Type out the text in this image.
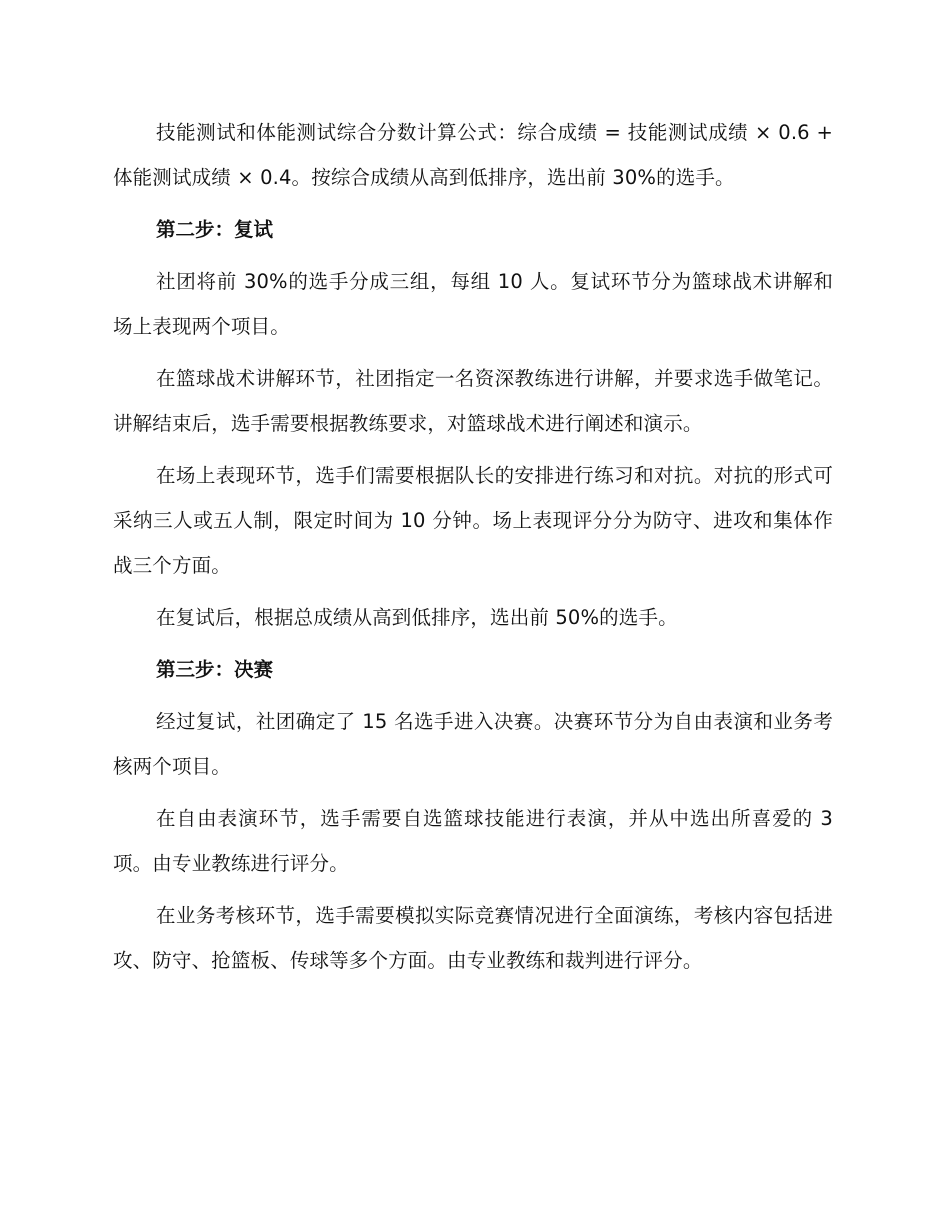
技能测试和体能测试综合分数计算公式：综合成绩 = 技能测试成绩 × 0.6 + 体能测试成绩 × 0.4。按综合成绩从高到低排序，选出前 30%的选手。

第二步：复试

社团将前 30%的选手分成三组，每组 10 人。复试环节分为篮球战术讲解和场上表现两个项目。

在篮球战术讲解环节，社团指定一名资深教练进行讲解，并要求选手做笔记。讲解结束后，选手需要根据教练要求，对篮球战术进行阐述和演示。

在场上表现环节，选手们需要根据队长的安排进行练习和对抗。对抗的形式可采纳三人或五人制，限定时间为 10 分钟。场上表现评分分为防守、进攻和集体作战三个方面。

在复试后，根据总成绩从高到低排序，选出前 50%的选手。

第三步：决赛

经过复试，社团确定了 15 名选手进入决赛。决赛环节分为自由表演和业务考核两个项目。

在自由表演环节，选手需要自选篮球技能进行表演，并从中选出所喜爱的 3 项。由专业教练进行评分。

在业务考核环节，选手需要模拟实际竞赛情况进行全面演练，考核内容包括进攻、防守、抢篮板、传球等多个方面。由专业教练和裁判进行评分。
